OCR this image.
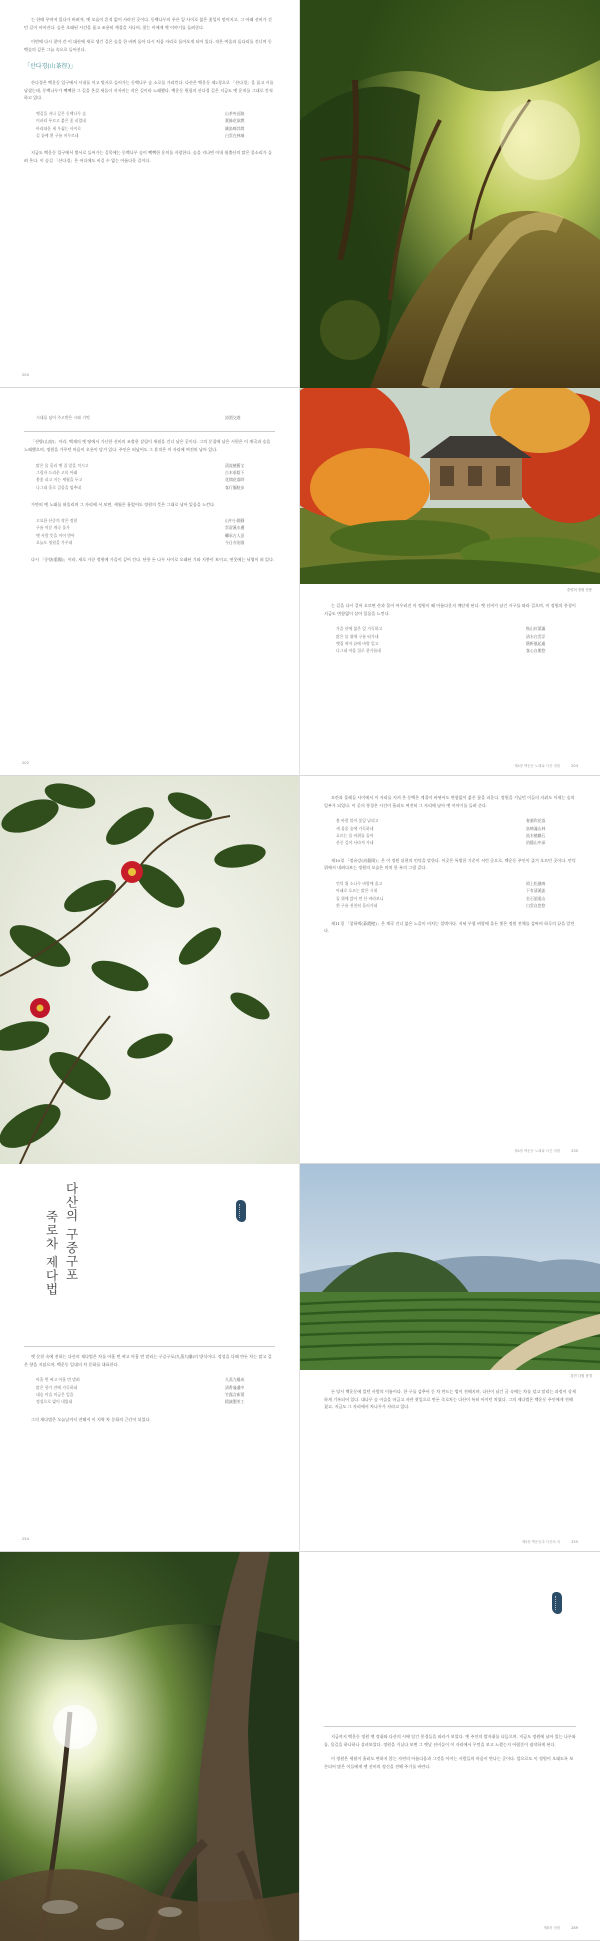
는 한때 꾸며져 있다가 버려져, 옛 모습이 흔적 없이 사라진 곳이다. 동백나무의 푸른 잎 사이로 붉은 꽃잎이 떨어지고, 그 아래 선비가 걷던 길이 이어진다. 숲은 오래된 시간을 품고 조용히 계절을 지나며, 찾는 이에게 옛 이야기를 들려준다.

이번에 다시 찾아 간 이 대산에 새로 생긴 길은 숲을 한 바퀴 돌아 다시 처음 자리로 돌아오게 되어 있다. 작은 여울과 돌다리를 건너며 동백숲의 깊은 그늘 속으로 들어선다.

「산다경(山茶徑)」

산다경은 백운동 입구에서 시내를 끼고 별서로 들어가는 동백나무 숲 소로를 가리킨다. 다산은 백운동 제2경으로 「산다경」을 꼽고 시를 남겼는데, 동백나무가 빽빽한 그 길을 온갖 새들이 지저귀는 작은 길이라 노래했다. 백운동 원림의 산다경 길은 지금도 옛 운치를 그대로 간직하고 있다.

옛길을 지나 깊은 동백나무 숲	山茶夾徑路
이파리 푸르고 붉은 꽃 피었네	葉綠花欲燃
아리따운 새 우짖는 사이로	嬌鳥啼其間
길 끝에 흰 구름 머무르네	白雲在林端

지금도 백운동 입구에서 별서로 들어가는 길목에는 동백나무 숲이 빽빽한 운치를 자랑한다. 숲을 지나면 이내 월출산의 맑은 물소리가 들려 온다. 이 숲길 「산다경」은 어디에도 비길 수 없는 아름다운 길이다.

204
시대를 넘어 주고받은 시와 기억	詩酒交遊

「산방(山房)」이라, 백제의 옛 땅에서 가난한 선비의 조촐한 살림이 세월을 건너 남은 곳이다. 그의 문집에 남은 시편은 이 계곡과 숲을 노래했으며, 정원을 가꾸던 마음이 오롯이 담겨 있다. 주인은 떠났어도 그 흔적은 이 자리에 여전히 남아 있다.

맑은 물 흘러 옛 집 앞을 적시고	淸流繞舊宅
그림자 드리운 고목 아래	古木垂陰下
봄꽃 피고 지는 세월을 두고	花開花落時
나그네 홀로 걸음을 멈추네	客行獨駐步

가만히 옛 노래를 떠올리며 그 자리에 서 보면, 세월은 흘렀어도 정원의 뜻은 그대로 남아 있음을 느낀다.

고요한 산중의 작은 정원	山中小園靜
구름 머문 계곡 물가	雲留溪水邊
옛 사람 뜻을 이어 받아	繼承古人意
오늘도 정원을 가꾸네	今日亦治園

다시 「중양(重陽)」이라, 새로 가꾼 정원에 가을이 깊어 간다. 단풍 든 나무 사이로 오래된 기와 지붕이 보이고, 연못에는 낙엽이 떠 있다.

202
중양의 정원 단풍

는 길을 다시 걸어 오르면 산과 물이 어우러진 이 정원이 왜 아름다운지 깨닫게 된다. 옛 선비가 남긴 시구를 따라 걸으며, 이 정원의 풍경이 지금도 변함없이 살아 있음을 느낀다.

가을 산에 붉은 잎 가득하고	秋山紅葉滿
맑은 물 위에 구름 떠가네	淸水白雲浮
옛집 처마 끝에 바람 일고	舊軒風起處
나그네 마음 절로 한가롭네	客心自閑悠
제4장 백운동 노래와 다산 정원	203

모란과 물레들 사이에서 이 자리를 지켜 온 동백은 계절이 바뀌어도 변함없이 붉은 꽃을 피운다. 정원을 거닐던 이들의 자취도 이제는 숲의 일부가 되었다. 이 곳의 풍경은 시간이 흘러도 여전히 그 자리에 남아 옛 이야기를 들려 준다.

봄 바람 불어 꽃잎 날리고	春風吹花落
새 울음 숲에 가득하네	鳥啼滿山林
흐르는 물 바위를 돌아	流水繞巖石
산중 깊이 사라져 가네	消隱山中深

제10경 「정유강(貞蕤岡)」은 이 정원 뒤편의 언덕을 말한다. 이곳은 특별한 기운이 서린 곳으로, 백운동 주인이 즐겨 오르던 곳이다. 언덕 위에서 내려다보는 정원의 모습은 마치 한 폭의 그림 같다.

언덕 위 소나무 바람에 울고	岡上松風鳴
아래로 흐르는 맑은 시내	下有淸溪流
돌 위에 앉아 먼 산 바라보니	坐石望遠山
흰 구름 천천히 흘러가네	白雲自悠悠

제11경 「창하벽(蒼霞壁)」은 계곡 건너 붉은 노을이 비치는 절벽이다. 저녁 무렵 벼랑에 물든 빛은 정원 전체를 감싸며 하루의 끝을 알린다.

제4장 백운동 노래와 다산 정원	235
다산의 구중구포
죽로차 제다법

옛 문헌 속에 전하는 다산의 제다법은 차를 아홉 번 찌고 아홉 번 말리는 구증구포(九蒸九曝)의 방식이다. 정성을 다해 만든 차는 맑고 깊은 향을 지녔으며, 백운동 일대의 차 문화를 대표한다.

아홉 번 찌고 아홉 번 말려	九蒸九曝成
맑은 향기 잔에 가득하네	淸香滿盞中
대숲 이슬 머금은 잎을	竹露含新葉
정성으로 빚어 내었네	精誠製茶工

그의 제다법은 오늘날까지 전해져 이 지역 차 문화의 근간이 되었다.

254
강진 다원 풍경

돈 당시 백운동에 있던 사람의 이름이다. 한 구를 감추어 둔 차 만드는 법이 전해지며, 다산이 남긴 글 속에는 차를 덖고 말리는 과정이 상세하게 기록되어 있다. 대나무 숲 이슬을 머금고 자란 찻잎으로 만든 죽로차는 다산이 특히 아끼던 차였다. 그의 제다법은 백운동 주인에게 전해졌고, 지금도 그 자리에서 차나무가 자라고 있다.

제5장 백운동과 다산의 차	255

지금까지 백운동 정원 옛 정취와 다산의 시에 담긴 풍경들을 따라가 보았다. 옛 주인의 발자취를 더듬으며, 지금도 정원에 남아 있는 나무와 돌, 물길을 하나하나 살펴보았다. 정원을 거닐다 보면 그 옛날 선비들이 이 자리에서 무엇을 보고 느꼈는지 어렴풋이 짐작하게 된다.

이 정원은 세월이 흘러도 변하지 않는 자연의 아름다움과 그것을 아끼는 사람들의 마음이 만나는 곳이다. 앞으로도 이 정원이 오래도록 보존되어 많은 이들에게 옛 선비의 정신을 전해 주기를 바란다.

제6장 정원	289
